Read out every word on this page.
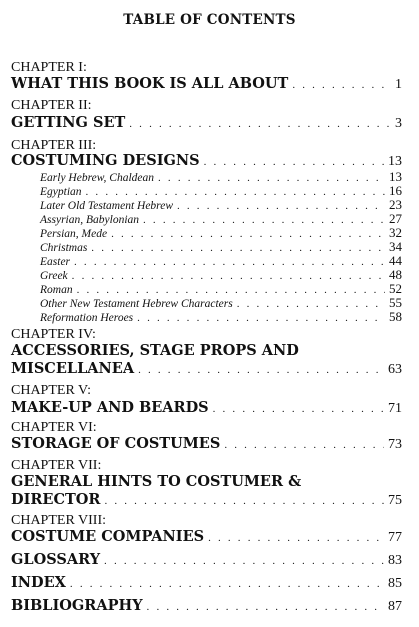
TABLE OF CONTENTS
CHAPTER I:
WHAT THIS BOOK IS ALL ABOUT . . .	1
CHAPTER II:
GETTING SET . . .	3
CHAPTER III:
COSTUMING DESIGNS . . .	13
Early Hebrew, Chaldean . . .	13
Egyptian . . .	16
Later Old Testament Hebrew . . .	23
Assyrian, Babylonian . . .	27
Persian, Mede . . .	32
Christmas . . .	34
Easter . . .	44
Greek . . .	48
Roman . . .	52
Other New Testament Hebrew Characters . . .	55
Reformation Heroes . . .	58
CHAPTER IV:
ACCESSORIES, STAGE PROPS AND
MISCELLANEA . . .	63
CHAPTER V:
MAKE-UP AND BEARDS . . .	71
CHAPTER VI:
STORAGE OF COSTUMES . . .	73
CHAPTER VII:
GENERAL HINTS TO COSTUMER &
DIRECTOR . . .	75
CHAPTER VIII:
COSTUME COMPANIES . . .	77
GLOSSARY . . .	83
INDEX . . .	85
BIBLIOGRAPHY . . .	87
